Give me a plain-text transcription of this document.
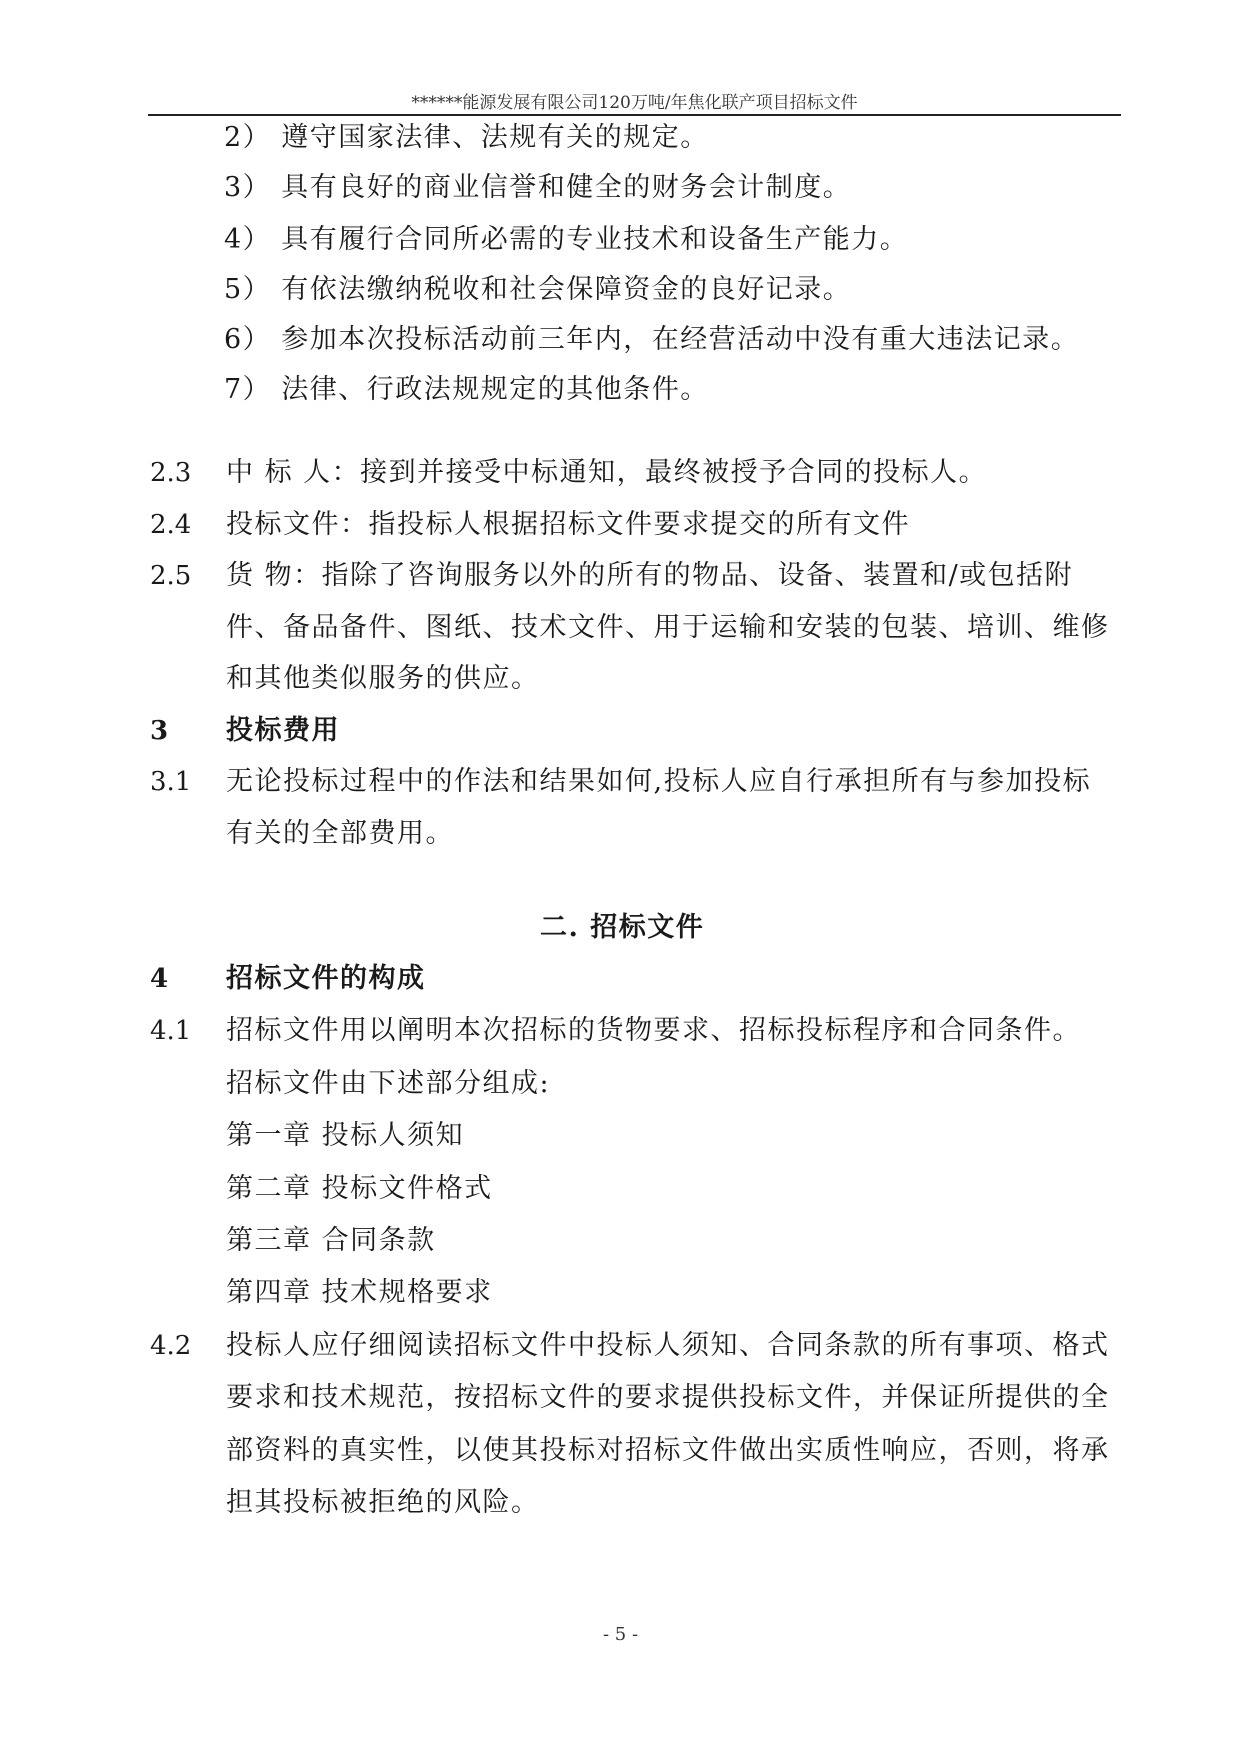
******能源发展有限公司120万吨/年焦化联产项目招标文件
2） 遵守国家法律、法规有关的规定。
3） 具有良好的商业信誉和健全的财务会计制度。
4） 具有履行合同所必需的专业技术和设备生产能力。
5） 有依法缴纳税收和社会保障资金的良好记录。
6） 参加本次投标活动前三年内，在经营活动中没有重大违法记录。
7） 法律、行政法规规定的其他条件。
2.3 中 标 人：接到并接受中标通知，最终被授予合同的投标人。
2.4 投标文件：指投标人根据招标文件要求提交的所有文件
2.5 货 物：指除了咨询服务以外的所有的物品、设备、装置和/或包括附
件、备品备件、图纸、技术文件、用于运输和安装的包装、培训、维修
和其他类似服务的供应。
3 投标费用
3.1 无论投标过程中的作法和结果如何,投标人应自行承担所有与参加投标
有关的全部费用。
二. 招标文件
4 招标文件的构成
4.1 招标文件用以阐明本次招标的货物要求、招标投标程序和合同条件。
招标文件由下述部分组成:
第一章 投标人须知
第二章 投标文件格式
第三章 合同条款
第四章 技术规格要求
4.2 投标人应仔细阅读招标文件中投标人须知、合同条款的所有事项、格式
要求和技术规范，按招标文件的要求提供投标文件，并保证所提供的全
部资料的真实性，以使其投标对招标文件做出实质性响应，否则，将承
担其投标被拒绝的风险。
- 5 -
